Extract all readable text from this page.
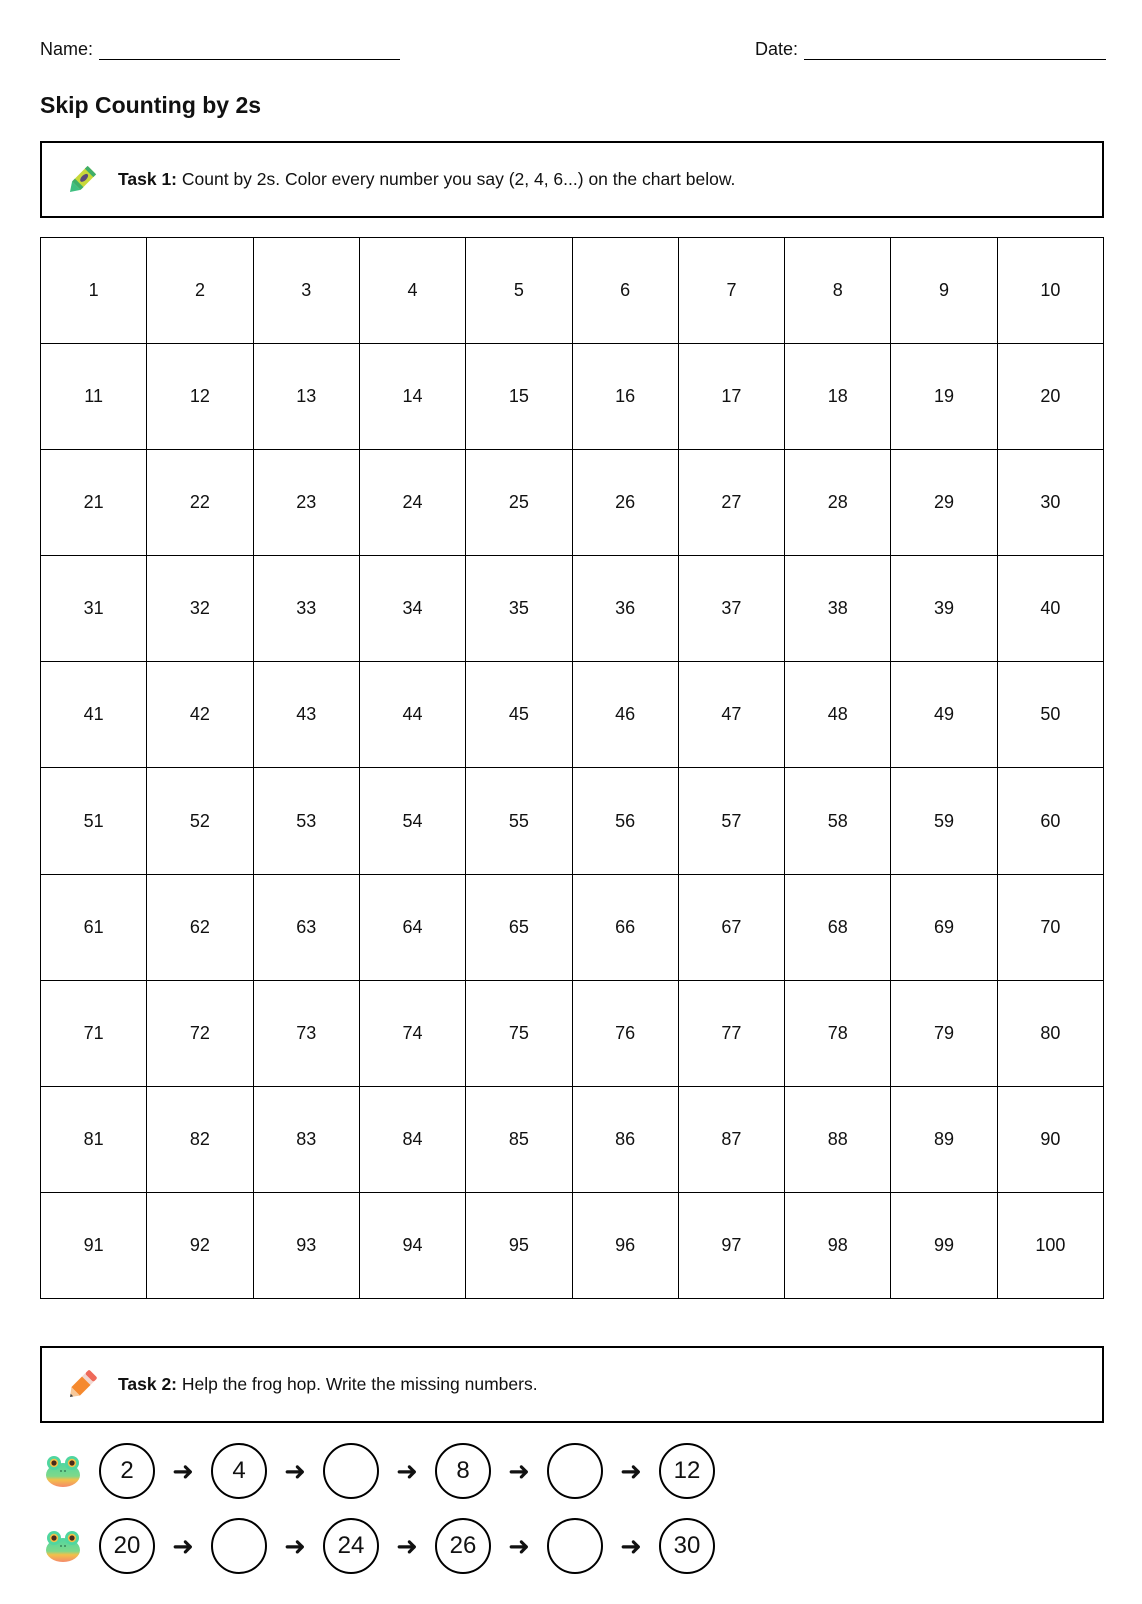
Name:	Date:
Skip Counting by 2s
Task 1: Count by 2s. Color every number you say (2, 4, 6...) on the chart below.
1	2	3	4	5	6	7	8	9	10
11	12	13	14	15	16	17	18	19	20
21	22	23	24	25	26	27	28	29	30
31	32	33	34	35	36	37	38	39	40
41	42	43	44	45	46	47	48	49	50
51	52	53	54	55	56	57	58	59	60
61	62	63	64	65	66	67	68	69	70
71	72	73	74	75	76	77	78	79	80
81	82	83	84	85	86	87	88	89	90
91	92	93	94	95	96	97	98	99	100
Task 2: Help the frog hop. Write the missing numbers.
2	➜	4	➜	➜	8	➜	➜	12
20	➜	➜	24	➜	26	➜	➜	30
